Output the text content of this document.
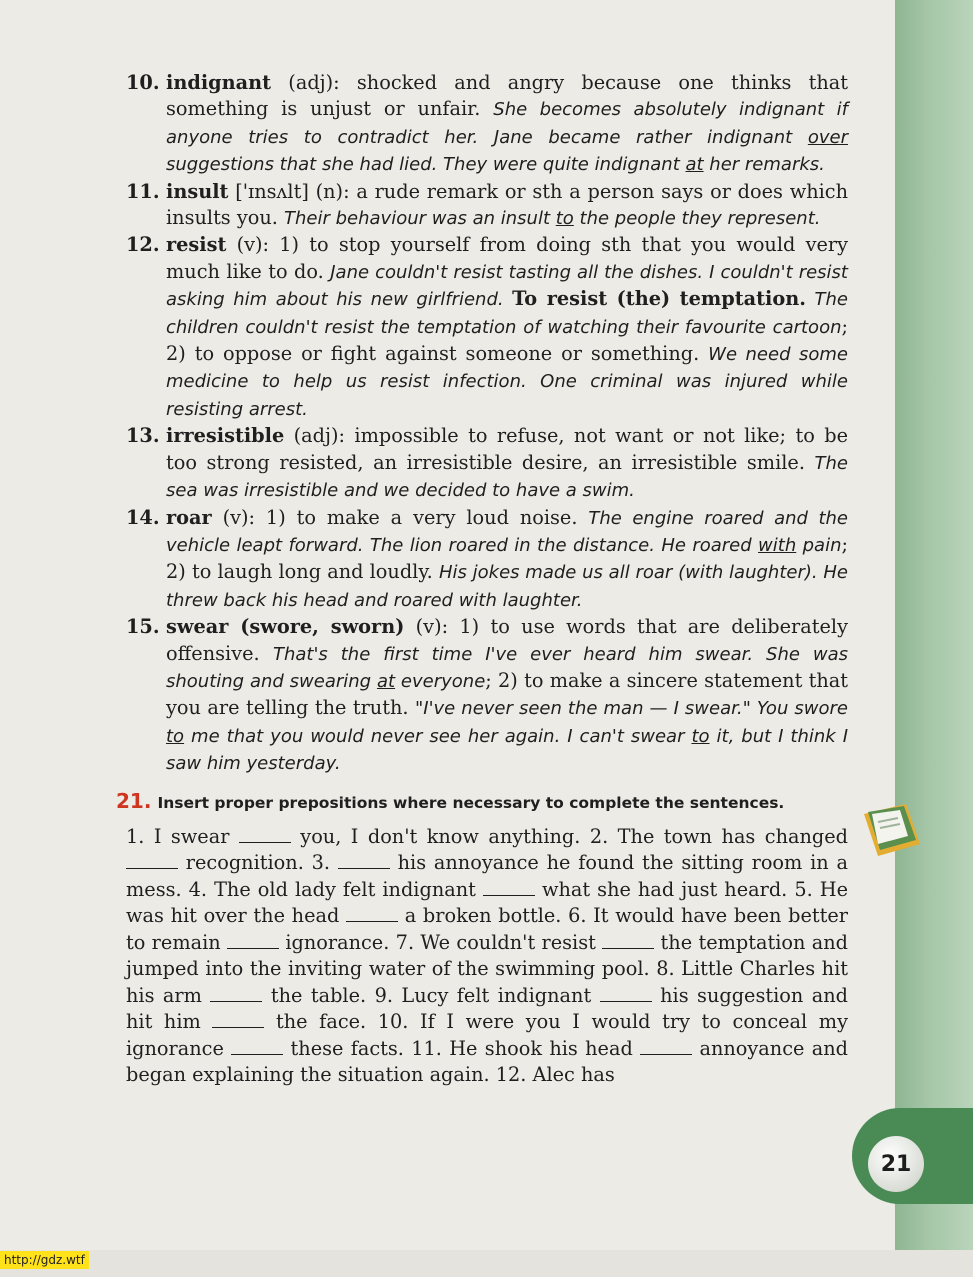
21
10. indignant (adj): shocked and angry because one thinks that something is unjust or unfair. She becomes absolutely indignant if anyone tries to contradict her. Jane became rather indignant over suggestions that she had lied. They were quite indignant at her remarks.
11. insult ['ɪnsʌlt] (n): a rude remark or sth a person says or does which insults you. Their behaviour was an insult to the people they represent.
12. resist (v): 1) to stop yourself from doing sth that you would very much like to do. Jane couldn't resist tasting all the dishes. I couldn't resist asking him about his new girlfriend. To resist (the) temptation. The children couldn't resist the temptation of watching their favourite cartoon; 2) to oppose or fight against someone or something. We need some medicine to help us resist infection. One criminal was injured while resisting arrest.
13. irresistible (adj): impossible to refuse, not want or not like; to be too strong resisted, an irresistible desire, an irresistible smile. The sea was irresistible and we decided to have a swim.
14. roar (v): 1) to make a very loud noise. The engine roared and the vehicle leapt forward. The lion roared in the distance. He roared with pain; 2) to laugh long and loudly. His jokes made us all roar (with laughter). He threw back his head and roared with laughter.
15. swear (swore, sworn) (v): 1) to use words that are deliberately offensive. That's the first time I've ever heard him swear. She was shouting and swearing at everyone; 2) to make a sincere statement that you are telling the truth. "I've never seen the man — I swear." You swore to me that you would never see her again. I can't swear to it, but I think I saw him yesterday.
21. Insert proper prepositions where necessary to complete the sentences.
1. I swear	you, I don't know anything. 2. The town has changed  recognition. 3.	his annoyance he found the sitting room in a mess. 4. The old lady felt indignant	what she had just heard. 5. He was hit over the head	a broken bottle. 6. It would have been better to remain	ignorance. 7. We couldn't resist	the temptation and jumped into the inviting water of the swimming pool. 8. Little Charles hit his arm	the table. 9. Lucy felt indignant	his suggestion and hit him	the face. 10. If I were you I would try to conceal my ignorance	these facts. 11. He shook his head	annoyance and began explaining the situation again. 12. Alec has
http://gdz.wtf
